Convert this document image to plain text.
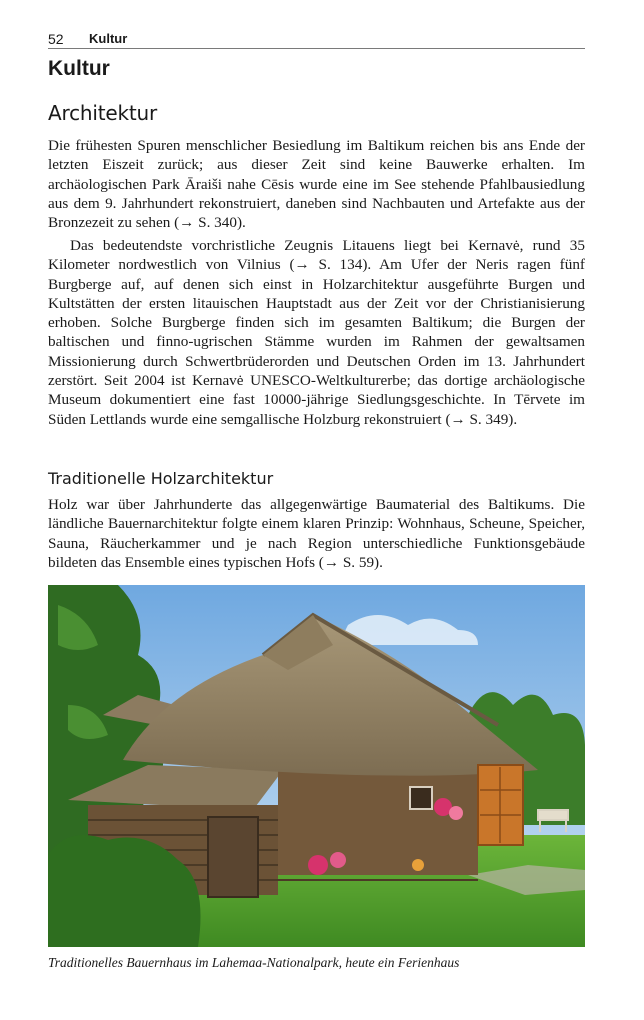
52 Kultur
Kultur
Architektur

Die frühesten Spuren menschlicher Besiedlung im Baltikum reichen bis ans Ende der letzten Eiszeit zurück; aus dieser Zeit sind keine Bauwerke erhalten. Im archäologischen Park Āraiši nahe Cēsis wurde eine im See stehende Pfahlbausiedlung aus dem 9. Jahrhundert rekonstruiert, daneben sind Nachbauten und Artefakte aus der Bronzezeit zu sehen (→ S. 340).

Das bedeutendste vorchristliche Zeugnis Litauens liegt bei Kernavė, rund 35 Kilometer nordwestlich von Vilnius (→ S. 134). Am Ufer der Neris ragen fünf Burgberge auf, auf denen sich einst in Holzarchitektur ausgeführte Burgen und Kultstätten der ersten litauischen Hauptstadt aus der Zeit vor der Christianisierung erhoben. Solche Burgberge finden sich im gesamten Baltikum; die Burgen der baltischen und finno-ugrischen Stämme wurden im Rahmen der gewaltsamen Missionierung durch Schwertbrüderorden und Deutschen Orden im 13. Jahrhundert zerstört. Seit 2004 ist Kernavė UNESCO-Weltkulturerbe; das dortige archäologische Museum dokumentiert eine fast 10000-jährige Siedlungsgeschichte. In Tērvete im Süden Lettlands wurde eine semgallische Holzburg rekonstruiert (→ S. 349).

Traditionelle Holzarchitektur

Holz war über Jahrhunderte das allgegenwärtige Baumaterial des Baltikums. Die ländliche Bauernarchitektur folgte einem klaren Prinzip: Wohnhaus, Scheune, Speicher, Sauna, Räucherkammer und je nach Region unterschiedliche Funktionsgebäude bildeten das Ensemble eines typischen Hofs (→ S. 59).

Traditionelles Bauernhaus im Lahemaa-Nationalpark, heute ein Ferienhaus
